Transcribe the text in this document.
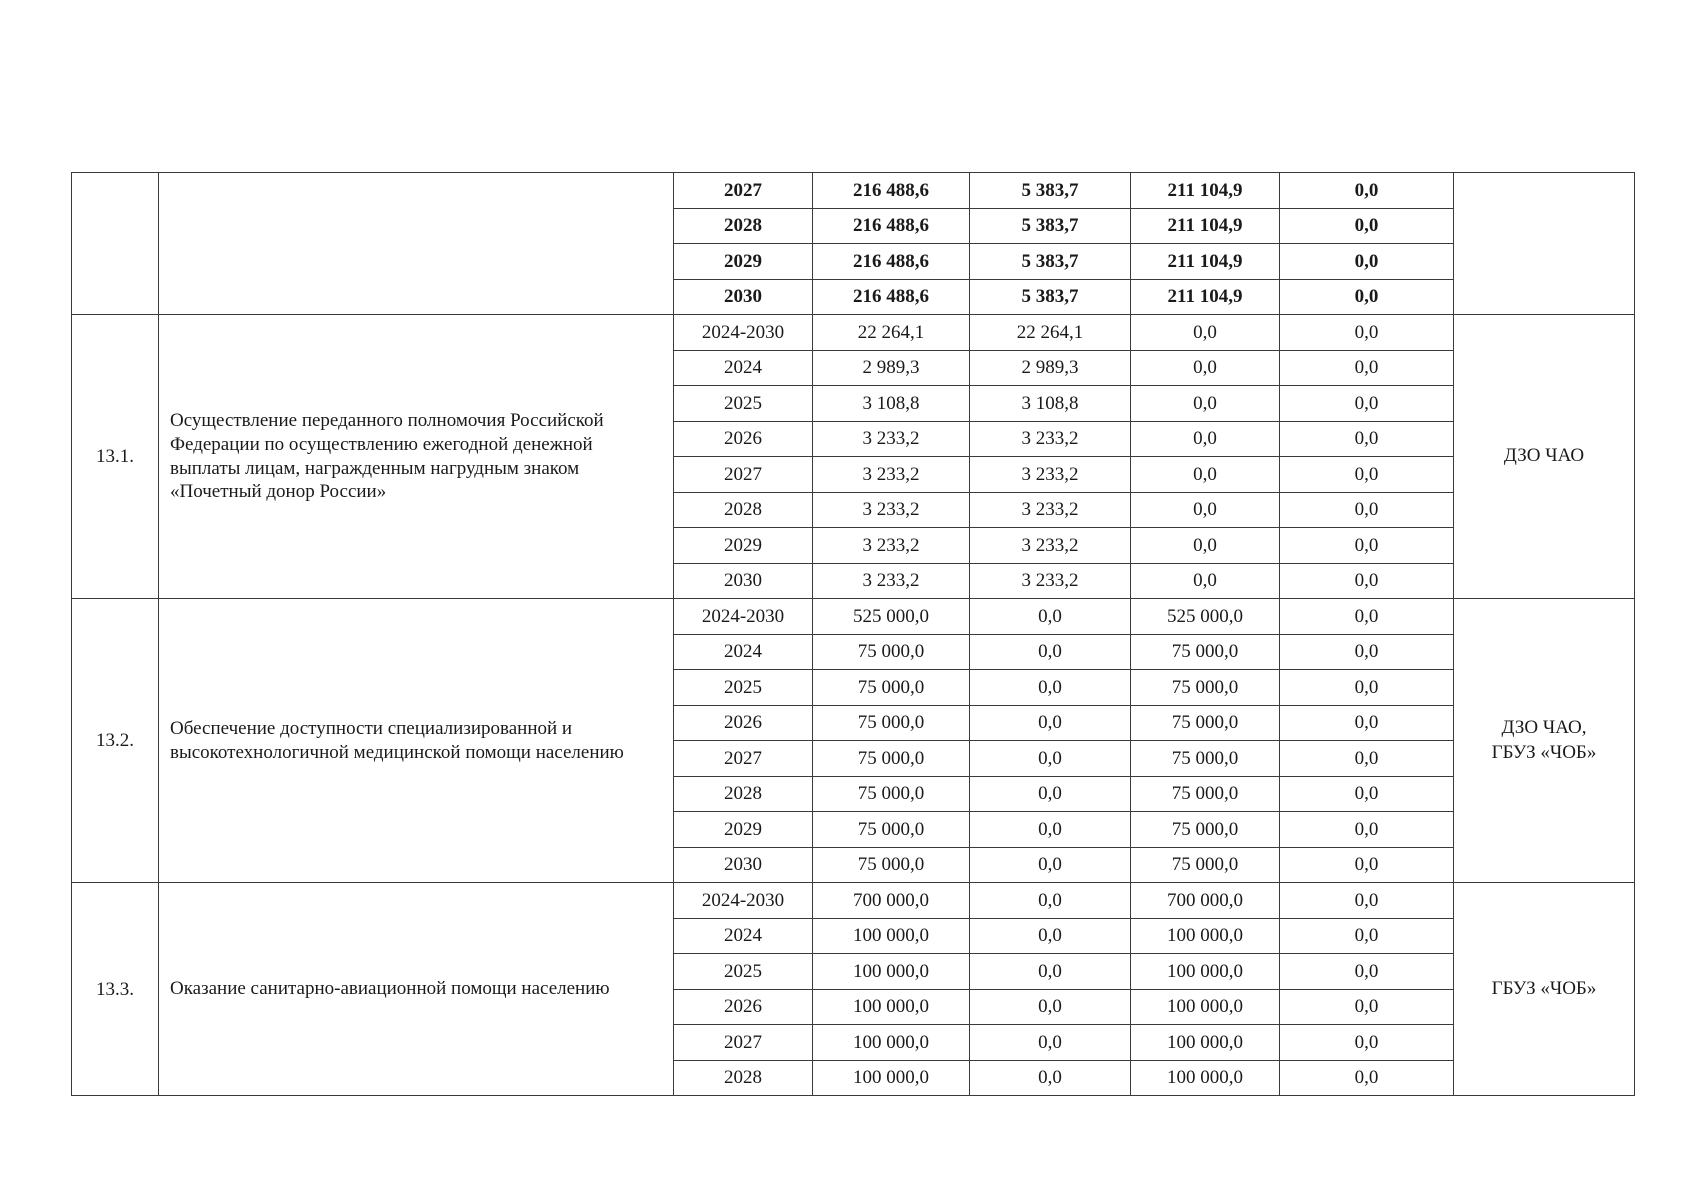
		2027	216 488,6	5 383,7	211 104,9	0,0	
		2028	216 488,6	5 383,7	211 104,9	0,0	
		2029	216 488,6	5 383,7	211 104,9	0,0	
		2030	216 488,6	5 383,7	211 104,9	0,0	
13.1.	Осуществление переданного полномочия Российской Федерации по осуществлению ежегодной денежной выплаты лицам, награжденным нагрудным знаком «Почетный донор России»	2024-2030	22 264,1	22 264,1	0,0	0,0	ДЗО ЧАО
		2024	2 989,3	2 989,3	0,0	0,0	
		2025	3 108,8	3 108,8	0,0	0,0	
		2026	3 233,2	3 233,2	0,0	0,0	
		2027	3 233,2	3 233,2	0,0	0,0	
		2028	3 233,2	3 233,2	0,0	0,0	
		2029	3 233,2	3 233,2	0,0	0,0	
		2030	3 233,2	3 233,2	0,0	0,0	
13.2.	Обеспечение доступности специализированной и высокотехнологичной медицинской помощи населению	2024-2030	525 000,0	0,0	525 000,0	0,0	ДЗО ЧАО, ГБУЗ «ЧОБ»
		2024	75 000,0	0,0	75 000,0	0,0	
		2025	75 000,0	0,0	75 000,0	0,0	
		2026	75 000,0	0,0	75 000,0	0,0	
		2027	75 000,0	0,0	75 000,0	0,0	
		2028	75 000,0	0,0	75 000,0	0,0	
		2029	75 000,0	0,0	75 000,0	0,0	
		2030	75 000,0	0,0	75 000,0	0,0	
13.3.	Оказание санитарно-авиационной помощи населению	2024-2030	700 000,0	0,0	700 000,0	0,0	ГБУЗ «ЧОБ»
		2024	100 000,0	0,0	100 000,0	0,0	
		2025	100 000,0	0,0	100 000,0	0,0	
		2026	100 000,0	0,0	100 000,0	0,0	
		2027	100 000,0	0,0	100 000,0	0,0	
		2028	100 000,0	0,0	100 000,0	0,0	
